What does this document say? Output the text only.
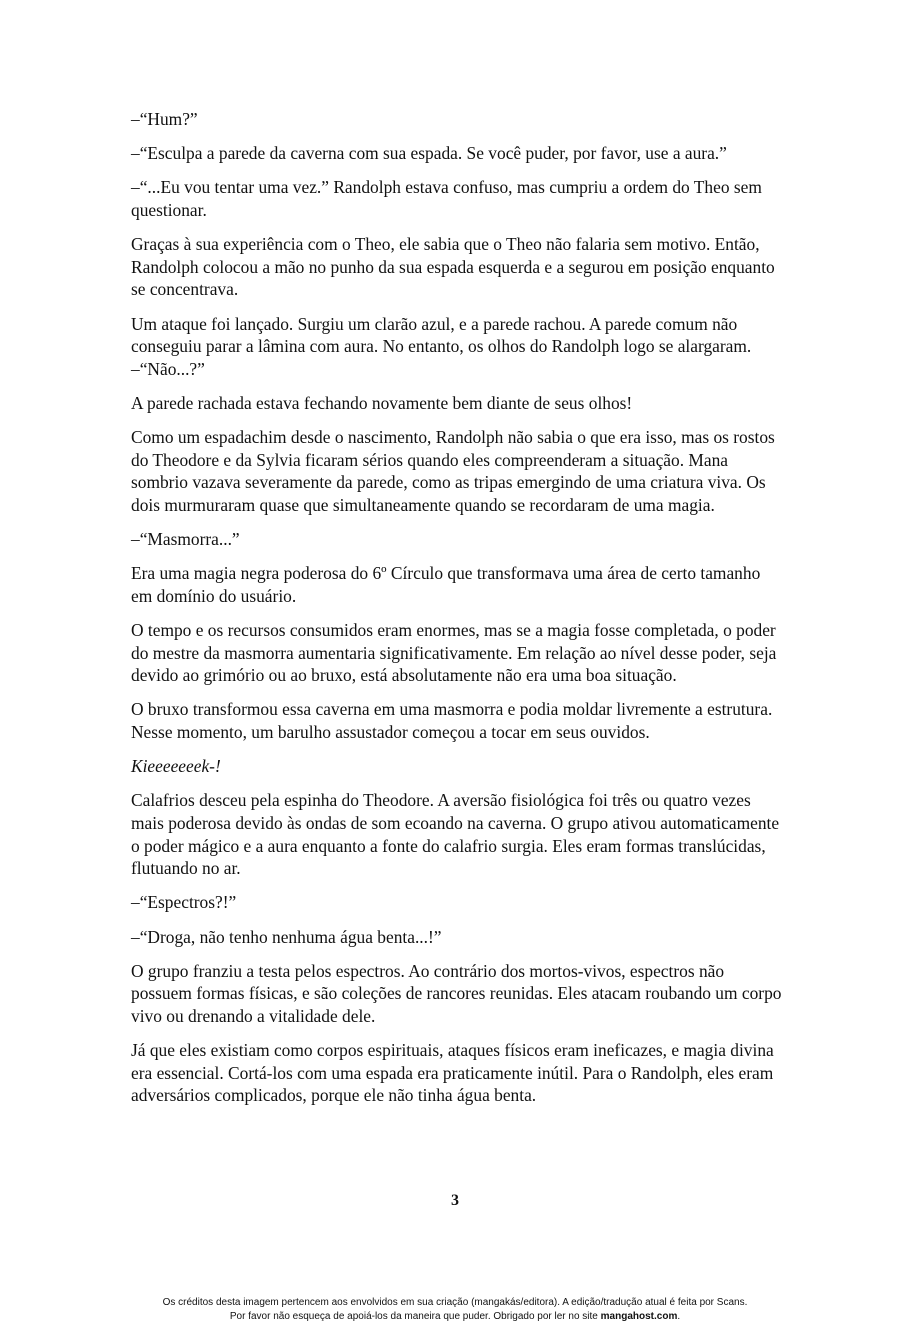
–“Hum?”

–“Esculpa a parede da caverna com sua espada. Se você puder, por favor, use a aura.”

–“...Eu vou tentar uma vez.” Randolph estava confuso, mas cumpriu a ordem do Theo sem questionar.

Graças à sua experiência com o Theo, ele sabia que o Theo não falaria sem motivo. Então, Randolph colocou a mão no punho da sua espada esquerda e a segurou em posição enquanto se concentrava.

Um ataque foi lançado. Surgiu um clarão azul, e a parede rachou. A parede comum não conseguiu parar a lâmina com aura. No entanto, os olhos do Randolph logo se alargaram. –“Não...?”

A parede rachada estava fechando novamente bem diante de seus olhos!

Como um espadachim desde o nascimento, Randolph não sabia o que era isso, mas os rostos do Theodore e da Sylvia ficaram sérios quando eles compreenderam a situação. Mana sombrio vazava severamente da parede, como as tripas emergindo de uma criatura viva. Os dois murmuraram quase que simultaneamente quando se recordaram de uma magia.

–“Masmorra...”

Era uma magia negra poderosa do 6º Círculo que transformava uma área de certo tamanho em domínio do usuário.

O tempo e os recursos consumidos eram enormes, mas se a magia fosse completada, o poder do mestre da masmorra aumentaria significativamente. Em relação ao nível desse poder, seja devido ao grimório ou ao bruxo, está absolutamente não era uma boa situação.

O bruxo transformou essa caverna em uma masmorra e podia moldar livremente a estrutura. Nesse momento, um barulho assustador começou a tocar em seus ouvidos.

Kieeeeeeek-!

Calafrios desceu pela espinha do Theodore. A aversão fisiológica foi três ou quatro vezes mais poderosa devido às ondas de som ecoando na caverna. O grupo ativou automaticamente o poder mágico e a aura enquanto a fonte do calafrio surgia. Eles eram formas translúcidas, flutuando no ar.

–“Espectros?!”

–“Droga, não tenho nenhuma água benta...!”

O grupo franziu a testa pelos espectros. Ao contrário dos mortos-vivos, espectros não possuem formas físicas, e são coleções de rancores reunidas. Eles atacam roubando um corpo vivo ou drenando a vitalidade dele.

Já que eles existiam como corpos espirituais, ataques físicos eram ineficazes, e magia divina era essencial. Cortá-los com uma espada era praticamente inútil. Para o Randolph, eles eram adversários complicados, porque ele não tinha água benta.

3
Os créditos desta imagem pertencem aos envolvidos em sua criação (mangakás/editora). A edição/tradução atual é feita por Scans.
Por favor não esqueça de apoiá-los da maneira que puder. Obrigado por ler no site mangahost.com.
